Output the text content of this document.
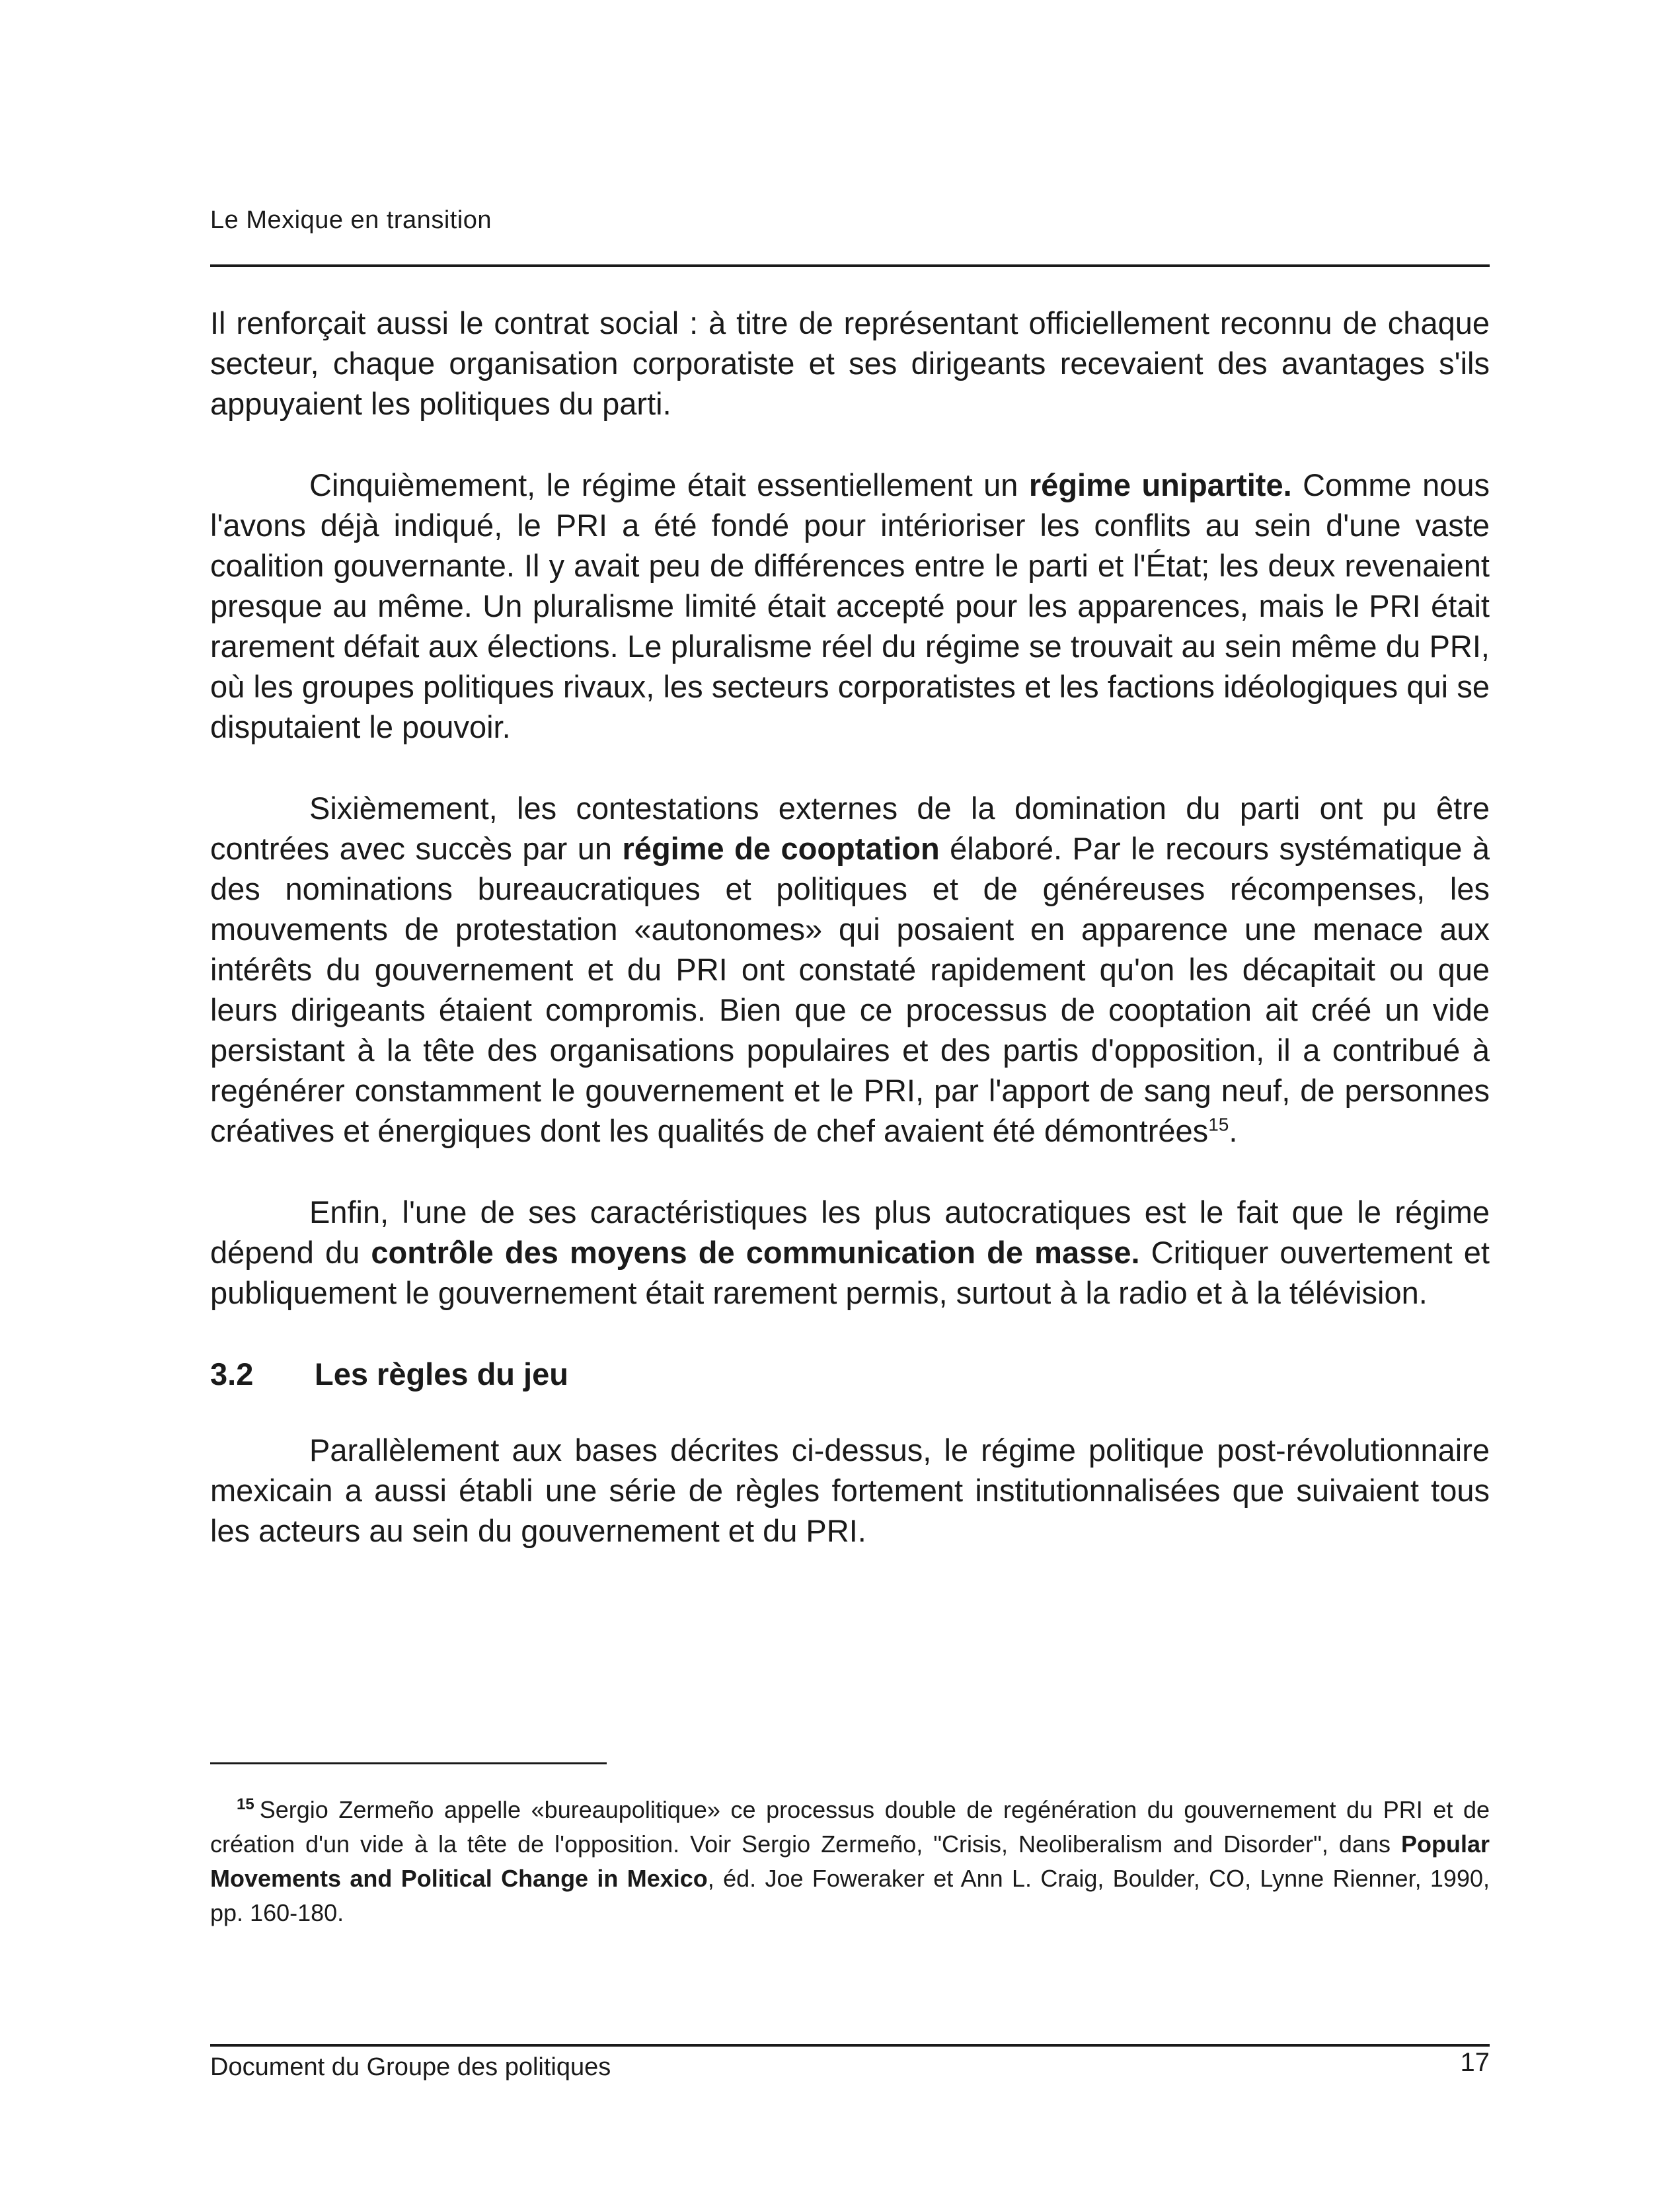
Le Mexique en transition

Il renforçait aussi le contrat social : à titre de représentant officiellement reconnu de chaque secteur, chaque organisation corporatiste et ses dirigeants recevaient des avantages s'ils appuyaient les politiques du parti.

Cinquièmement, le régime était essentiellement un régime unipartite. Comme nous l'avons déjà indiqué, le PRI a été fondé pour intérioriser les conflits au sein d'une vaste coalition gouvernante. Il y avait peu de différences entre le parti et l'État; les deux revenaient presque au même. Un pluralisme limité était accepté pour les apparences, mais le PRI était rarement défait aux élections. Le pluralisme réel du régime se trouvait au sein même du PRI, où les groupes politiques rivaux, les secteurs corporatistes et les factions idéologiques qui se disputaient le pouvoir.

Sixièmement, les contestations externes de la domination du parti ont pu être contrées avec succès par un régime de cooptation élaboré. Par le recours systématique à des nominations bureaucratiques et politiques et de généreuses récompenses, les mouvements de protestation «autonomes» qui posaient en apparence une menace aux intérêts du gouvernement et du PRI ont constaté rapidement qu'on les décapitait ou que leurs dirigeants étaient compromis. Bien que ce processus de cooptation ait créé un vide persistant à la tête des organisations populaires et des partis d'opposition, il a contribué à regénérer constamment le gouvernement et le PRI, par l'apport de sang neuf, de personnes créatives et énergiques dont les qualités de chef avaient été démontrées$^{15}$.

Enfin, l'une de ses caractéristiques les plus autocratiques est le fait que le régime dépend du contrôle des moyens de communication de masse. Critiquer ouvertement et publiquement le gouvernement était rarement permis, surtout à la radio et à la télévision.

3.2 Les règles du jeu

Parallèlement aux bases décrites ci-dessus, le régime politique post-révolutionnaire mexicain a aussi établi une série de règles fortement institutionnalisées que suivaient tous les acteurs au sein du gouvernement et du PRI.

$^{15}$ Sergio Zermeño appelle «bureaupolitique» ce processus double de regénération du gouvernement du PRI et de création d'un vide à la tête de l'opposition. Voir Sergio Zermeño, "Crisis, Neoliberalism and Disorder", dans Popular Movements and Political Change in Mexico, éd. Joe Foweraker et Ann L. Craig, Boulder, CO, Lynne Rienner, 1990, pp. 160-180.
Document du Groupe des politiques	17
